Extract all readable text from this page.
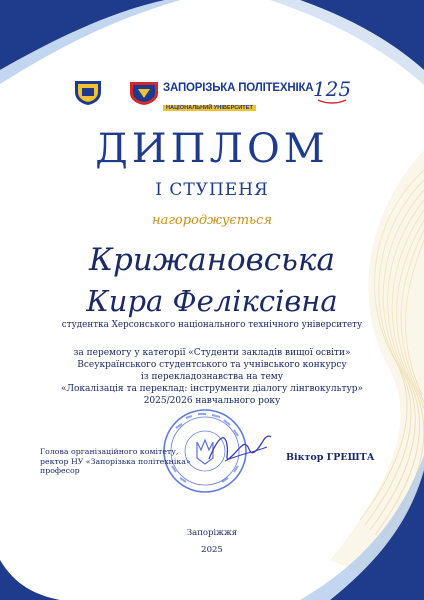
ЗАПОРІЗЬКА ПОЛІТЕХНІКА
НАЦІОНАЛЬНИЙ УНІВЕРСИТЕТ
125
ДИПЛОМ
І СТУПЕНЯ
нагороджується
Крижановська
Кира Феліксівна
студентка Херсонського національного технічного університету
за перемогу у категорії «Студенти закладів вищої освіти»
Всеукраїнського студентського та учнівського конкурсу
із перекладознавства на тему
«Локалізація та переклад: інструменти діалогу лінгвокультур»
2025/2026 навчального року
Голова організаційного комітету,
ректор НУ «Запорізька політехніка»
професор
Віктор ГРЕШТА
Запоріжжя
2025
